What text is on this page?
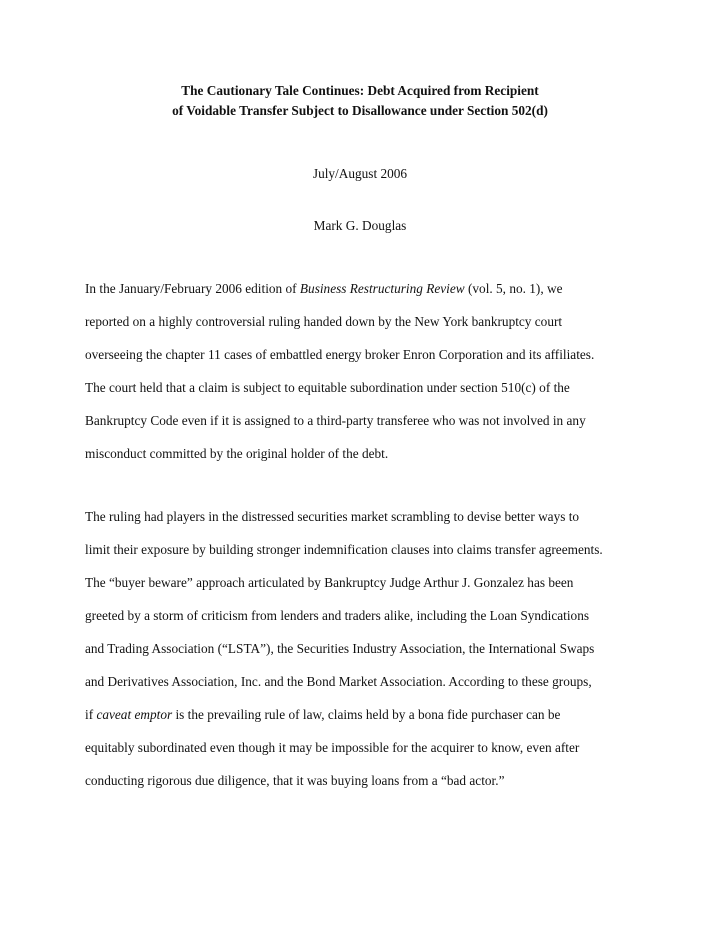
The Cautionary Tale Continues: Debt Acquired from Recipient
of Voidable Transfer Subject to Disallowance under Section 502(d)
July/August 2006
Mark G. Douglas
In the January/February 2006 edition of Business Restructuring Review (vol. 5, no. 1), we
reported on a highly controversial ruling handed down by the New York bankruptcy court
overseeing the chapter 11 cases of embattled energy broker Enron Corporation and its affiliates.
The court held that a claim is subject to equitable subordination under section 510(c) of the
Bankruptcy Code even if it is assigned to a third-party transferee who was not involved in any
misconduct committed by the original holder of the debt.
The ruling had players in the distressed securities market scrambling to devise better ways to
limit their exposure by building stronger indemnification clauses into claims transfer agreements.
The “buyer beware” approach articulated by Bankruptcy Judge Arthur J. Gonzalez has been
greeted by a storm of criticism from lenders and traders alike, including the Loan Syndications
and Trading Association (“LSTA”), the Securities Industry Association, the International Swaps
and Derivatives Association, Inc. and the Bond Market Association. According to these groups,
if caveat emptor is the prevailing rule of law, claims held by a bona fide purchaser can be
equitably subordinated even though it may be impossible for the acquirer to know, even after
conducting rigorous due diligence, that it was buying loans from a “bad actor.”
